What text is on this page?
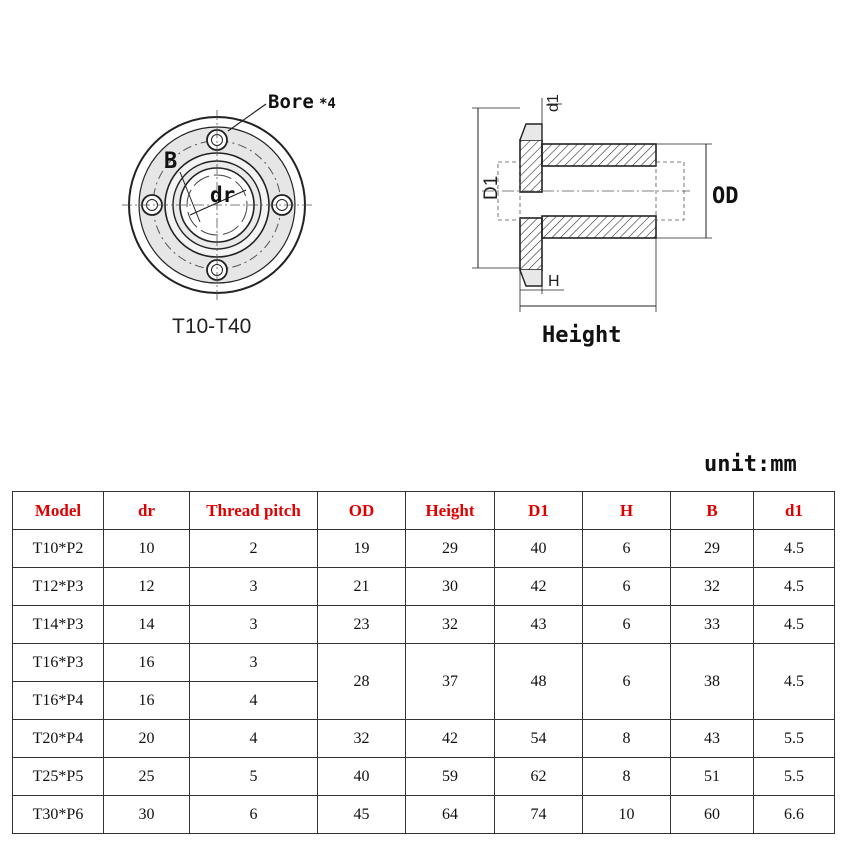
Bore *4
B
dr
T10-T40
D1
d1
OD
H
Height
unit:mm
Model	dr	Thread pitch	OD	Height	D1	H	B	d1
T10*P2	10	2	19	29	40	6	29	4.5
T12*P3	12	3	21	30	42	6	32	4.5
T14*P3	14	3	23	32	43	6	33	4.5
T16*P3	16	3	28	37	48	6	38	4.5
T16*P4	16	4						
T20*P4	20	4	32	42	54	8	43	5.5
T25*P5	25	5	40	59	62	8	51	5.5
T30*P6	30	6	45	64	74	10	60	6.6
